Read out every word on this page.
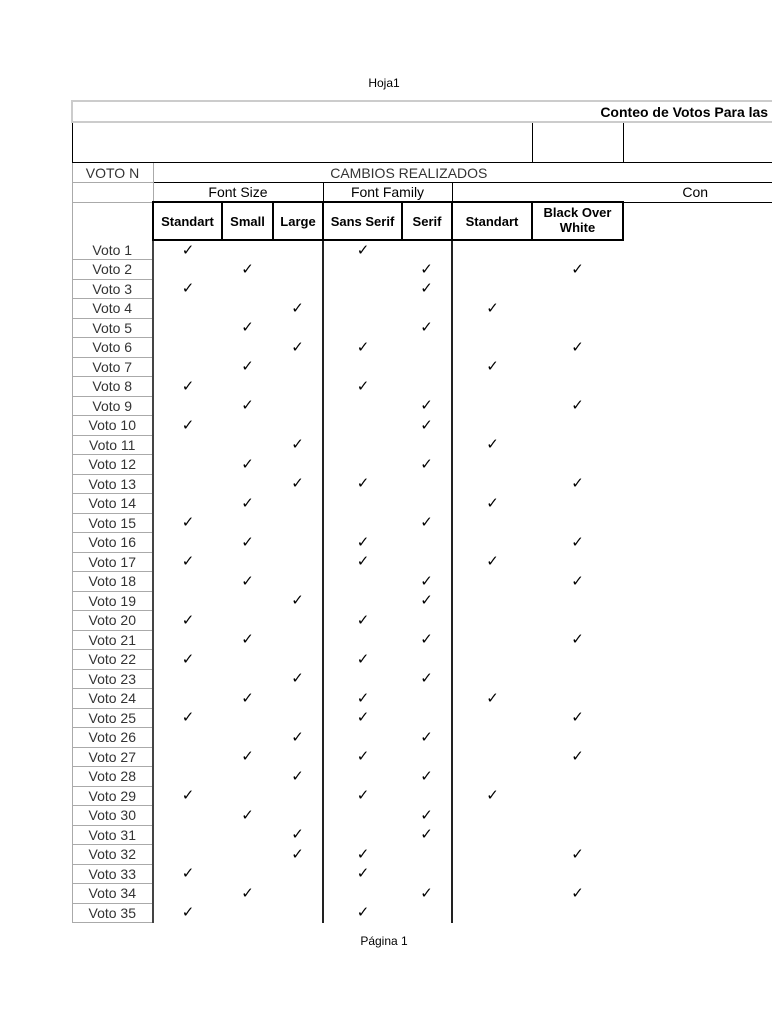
Hoja1
Conteo de Votos Para las								

VOTO N	CAMBIOS REALIZADOS							
	Font Size			Font Family		Con		
	Standart	Small	Large	Sans Serif	Serif	Standart	Black Over
White	
Voto 1	✓			✓				
Voto 2		✓			✓		✓	
Voto 3	✓				✓			
Voto 4			✓			✓		
Voto 5		✓			✓			
Voto 6			✓	✓			✓	
Voto 7		✓				✓		
Voto 8	✓			✓				
Voto 9		✓			✓		✓	
Voto 10	✓				✓			
Voto 11			✓			✓		
Voto 12		✓			✓			
Voto 13			✓	✓			✓	
Voto 14		✓				✓		
Voto 15	✓				✓			
Voto 16		✓		✓			✓	
Voto 17	✓			✓		✓		
Voto 18		✓			✓		✓	
Voto 19			✓		✓			
Voto 20	✓			✓				
Voto 21		✓			✓		✓	
Voto 22	✓			✓				
Voto 23			✓		✓			
Voto 24		✓		✓		✓		
Voto 25	✓			✓			✓	
Voto 26			✓		✓			
Voto 27		✓		✓			✓	
Voto 28			✓		✓			
Voto 29	✓			✓		✓		
Voto 30		✓			✓			
Voto 31			✓		✓			
Voto 32			✓	✓			✓	
Voto 33	✓			✓				
Voto 34		✓			✓		✓	
Voto 35	✓			✓				
Página 1
